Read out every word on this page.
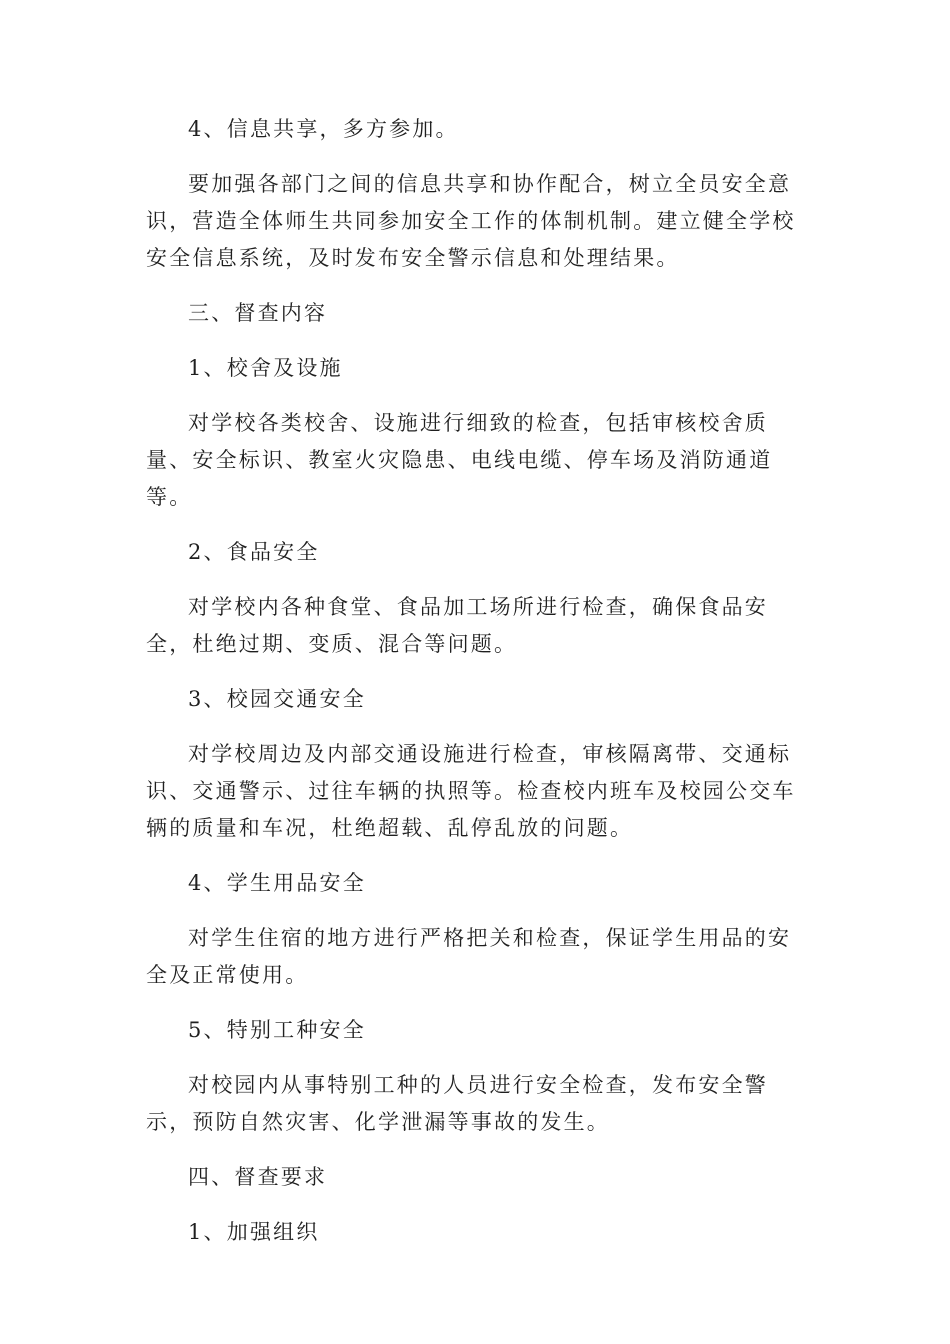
4、信息共享，多方参加。

要加强各部门之间的信息共享和协作配合，树立全员安全意识，营造全体师生共同参加安全工作的体制机制。建立健全学校安全信息系统，及时发布安全警示信息和处理结果。

三、督查内容

1、校舍及设施

对学校各类校舍、设施进行细致的检查，包括审核校舍质量、安全标识、教室火灾隐患、电线电缆、停车场及消防通道等。

2、食品安全

对学校内各种食堂、食品加工场所进行检查，确保食品安全，杜绝过期、变质、混合等问题。

3、校园交通安全

对学校周边及内部交通设施进行检查，审核隔离带、交通标识、交通警示、过往车辆的执照等。检查校内班车及校园公交车辆的质量和车况，杜绝超载、乱停乱放的问题。

4、学生用品安全

对学生住宿的地方进行严格把关和检查，保证学生用品的安全及正常使用。

5、特别工种安全

对校园内从事特别工种的人员进行安全检查，发布安全警示，预防自然灾害、化学泄漏等事故的发生。

四、督查要求

1、加强组织
